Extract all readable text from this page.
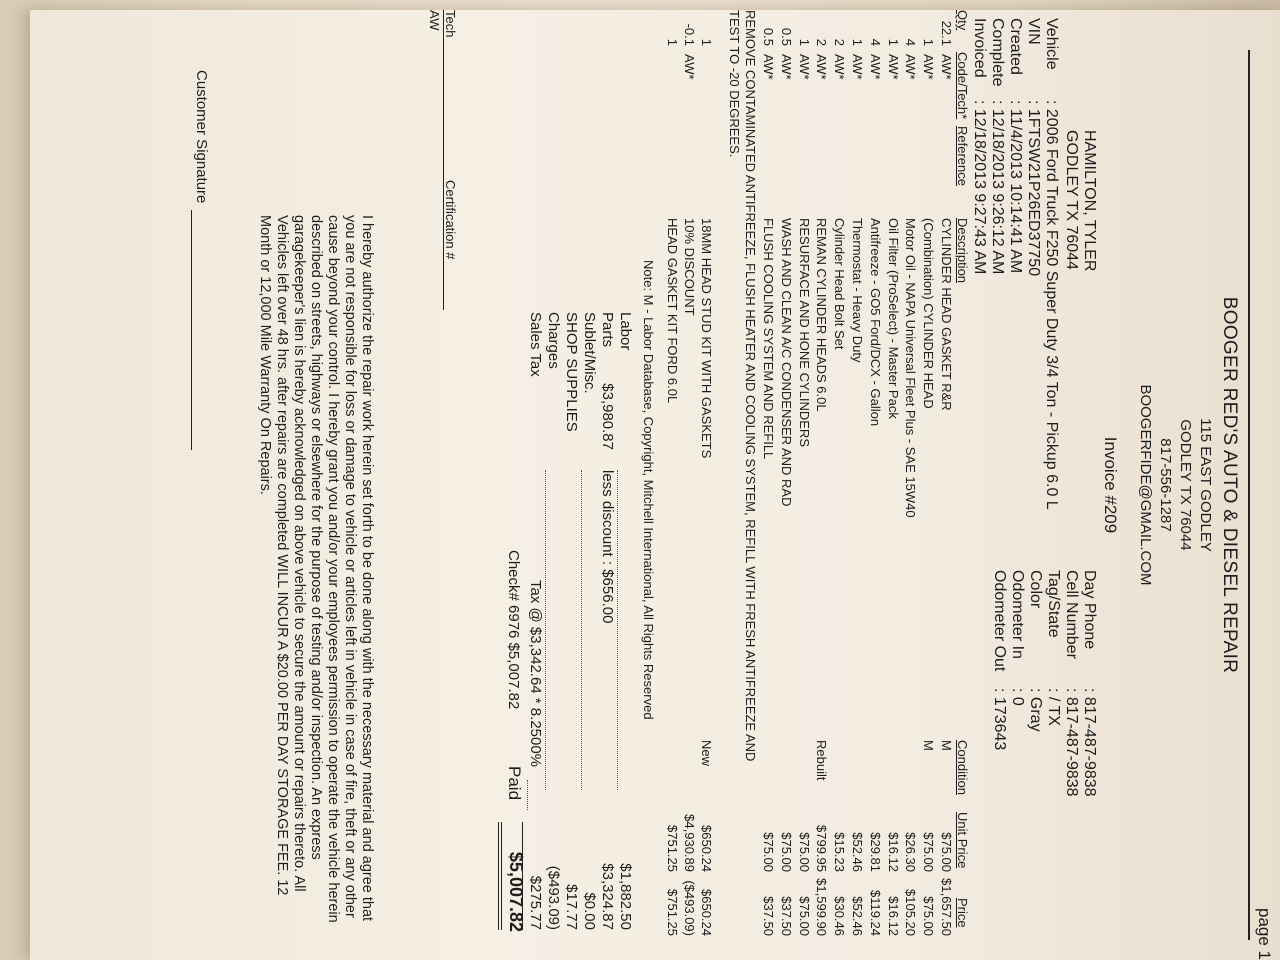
page 1
BOOGER RED'S AUTO & DIESEL REPAIR
115 EAST GODLEY
GODLEY TX 76044
817-556-1287
BOOGERFIDE@GMAIL.COM
Invoice #209
HAMILTON, TYLER
GODLEY TX 76044
Vehicle: 2006 Ford Truck F250 Super Duty 3/4 Ton - Pickup 6.0 L
VIN: 1FTSW21P26ED37750
Created: 11/4/2013 10:14:41 AM
Complete: 12/18/2013 9:26:12 AM
Invoiced: 12/18/2013 9:27:43 AM
Day Phone: 817-487-9838
Cell Number: 817-487-9838
Tag/State: / TX
Color: Gray
Odometer In: 0
Odometer Out: 173643
Qty
Code/Tech*
Reference
Description
Condition
Unit Price
Price
22.1
AW*
CYLINDER HEAD GASKET R&R
M
$75.00
$1,657.50
1
AW*
(Combination) CYLINDER HEAD
M
$75.00
$75.00
4
AW*
Motor Oil - NAPA Universal Fleet Plus - SAE 15W40
$26.30
$105.20
1
AW*
Oil Filter (ProSelect) - Master Pack
$16.12
$16.12
4
AW*
Antifreeze - GO5 Ford/DCX - Gallon
$29.81
$119.24
1
AW*
Thermostat - Heavy Duty
$52.46
$52.46
2
AW*
Cylinder Head Bolt Set
$15.23
$30.46
2
AW*
REMAN CYLINDER HEADS 6.0L
Rebuilt
$799.95
$1,599.90
1
AW*
RESURFACE AND HONE CYLINDERS
$75.00
$75.00
0.5
AW*
WASH AND CLEAN A/C CONDENSER AND RAD
$75.00
$37.50
0.5
AW*
FLUSH COOLING SYSTEM AND REFILL
$75.00
$37.50
REMOVE CONTAMINATED ANTIFREEZE, FLUSH HEATER AND COOLING SYSTEM, REFILL WITH FRESH ANTIFREEZE AND
TEST TO -20 DEGREES.
1
18MM HEAD STUD KIT WITH GASKETS
New
$650.24
$650.24
-0.1
AW*
10% DISCOUNT
$4,930.89
($493.09)
1
HEAD GASKET KIT FORD 6.0L
$751.25
$751.25
Note: M - Labor Database, Copyright, Mitchell International, All Rights Reserved
Labor
$1,882.50
Parts
$3,980.87
less discount : $656.00
$3,324.87
Sublet/Misc.
$0.00
SHOP SUPPLIES
$17.77
Charges
($493.09)
Sales Tax
Tax @ $3,342.64 * 8.2500%
$275.77
Check# 6976 $5,007.82
Paid
$5,007.82
Tech
Certification #
AW
I hereby authorize the repair work herein set forth to be done along with the necessary material and agree that you are not responsible for loss or damage to vehicle or articles left in vehicle in case of fire, theft or any other cause beyond your control. I hereby grant you and/or your employees permission to operate the vehicle herein described on streets, highways or elsewhere for the purpose of testing and/or inspection. An express garagekeeper's lien is hereby acknowledged on above vehicle to secure the amount or repairs thereto. All Vehicles left over 48 hrs. after repairs are completed WILL INCUR A $20.00 PER DAY STORAGE FEE. 12 Month or 12,000 Mile Warranty On Repairs.
Customer Signature
